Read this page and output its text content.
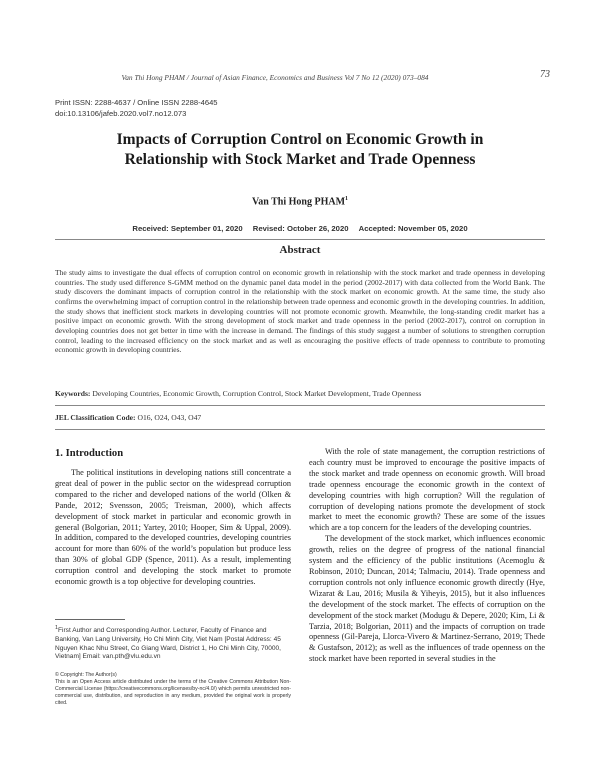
Van Thi Hong PHAM / Journal of Asian Finance, Economics and Business Vol 7 No 12 (2020) 073–084	73
Print ISSN: 2288-4637 / Online ISSN 2288-4645
doi:10.13106/jafeb.2020.vol7.no12.073
Impacts of Corruption Control on Economic Growth in
Relationship with Stock Market and Trade Openness
Van Thi Hong PHAM$^1$
Received: September 01, 2020 Revised: October 26, 2020 Accepted: November 05, 2020
Abstract
The study aims to investigate the dual effects of corruption control on economic growth in relationship with the stock market and trade openness in developing countries. The study used difference S-GMM method on the dynamic panel data model in the period (2002-2017) with data collected from the World Bank. The study discovers the dominant impacts of corruption control in the relationship with the stock market on economic growth. At the same time, the study also confirms the overwhelming impact of corruption control in the relationship between trade openness and economic growth in the developing countries. In addition, the study shows that inefficient stock markets in developing countries will not promote economic growth. Meanwhile, the long-standing credit market has a positive impact on economic growth. With the strong development of stock market and trade openness in the period (2002-2017), control on corruption in developing countries does not get better in time with the increase in demand. The findings of this study suggest a number of solutions to strengthen corruption control, leading to the increased efficiency on the stock market and as well as encouraging the positive effects of trade openness to contribute to promoting economic growth in developing countries.
Keywords: Developing Countries, Economic Growth, Corruption Control, Stock Market Development, Trade Openness
JEL Classification Code: O16, O24, O43, O47
1. Introduction

The political institutions in developing nations still concentrate a great deal of power in the public sector on the widespread corruption compared to the richer and developed nations of the world (Olken & Pande, 2012; Svensson, 2005; Treisman, 2000), which affects development of stock market in particular and economic growth in general (Bolgorian, 2011; Yartey, 2010; Hooper, Sim & Uppal, 2009). In addition, compared to the developed countries, developing countries account for more than 60% of the world’s population but produce less than 30% of global GDP (Spence, 2011). As a result, implementing corruption control and developing the stock market to promote economic growth is a top objective for developing countries.

With the role of state management, the corruption restrictions of each country must be improved to encourage the positive impacts of the stock market and trade openness on economic growth. Will broad trade openness encourage the economic growth in the context of developing countries with high corruption? Will the regulation of corruption of developing nations promote the development of stock market to meet the economic growth? These are some of the issues which are a top concern for the leaders of the developing countries.

The development of the stock market, which influences economic growth, relies on the degree of progress of the national financial system and the efficiency of the public institutions (Acemoglu & Robinson, 2010; Duncan, 2014; Talmaciu, 2014). Trade openness and corruption controls not only influence economic growth directly (Hye, Wizarat & Lau, 2016; Musila & Yiheyis, 2015), but it also influences the development of the stock market. The effects of corruption on the development of the stock market (Modugu & Depere, 2020; Kim, Li & Tarzia, 2018; Bolgorian, 2011) and the impacts of corruption on trade openness (Gil-Pareja, Llorca-Vivero & Martinez-Serrano, 2019; Thede & Gustafson, 2012); as well as the influences of trade openness on the stock market have been reported in several studies in the

$^1$First Author and Corresponding Author. Lecturer, Faculty of Finance and Banking, Van Lang University, Ho Chi Minh City, Viet Nam [Postal Address: 45 Nguyen Khac Nhu Street, Co Giang Ward, District 1, Ho Chi Minh City, 70000, Vietnam] Email: van.pth@vlu.edu.vn
© Copyright: The Author(s)
This is an Open Access article distributed under the terms of the Creative Commons Attribution Non-Commercial License (https://creativecommons.org/licenses/by-nc/4.0/) which permits unrestricted non-commercial use, distribution, and reproduction in any medium, provided the original work is properly cited.
